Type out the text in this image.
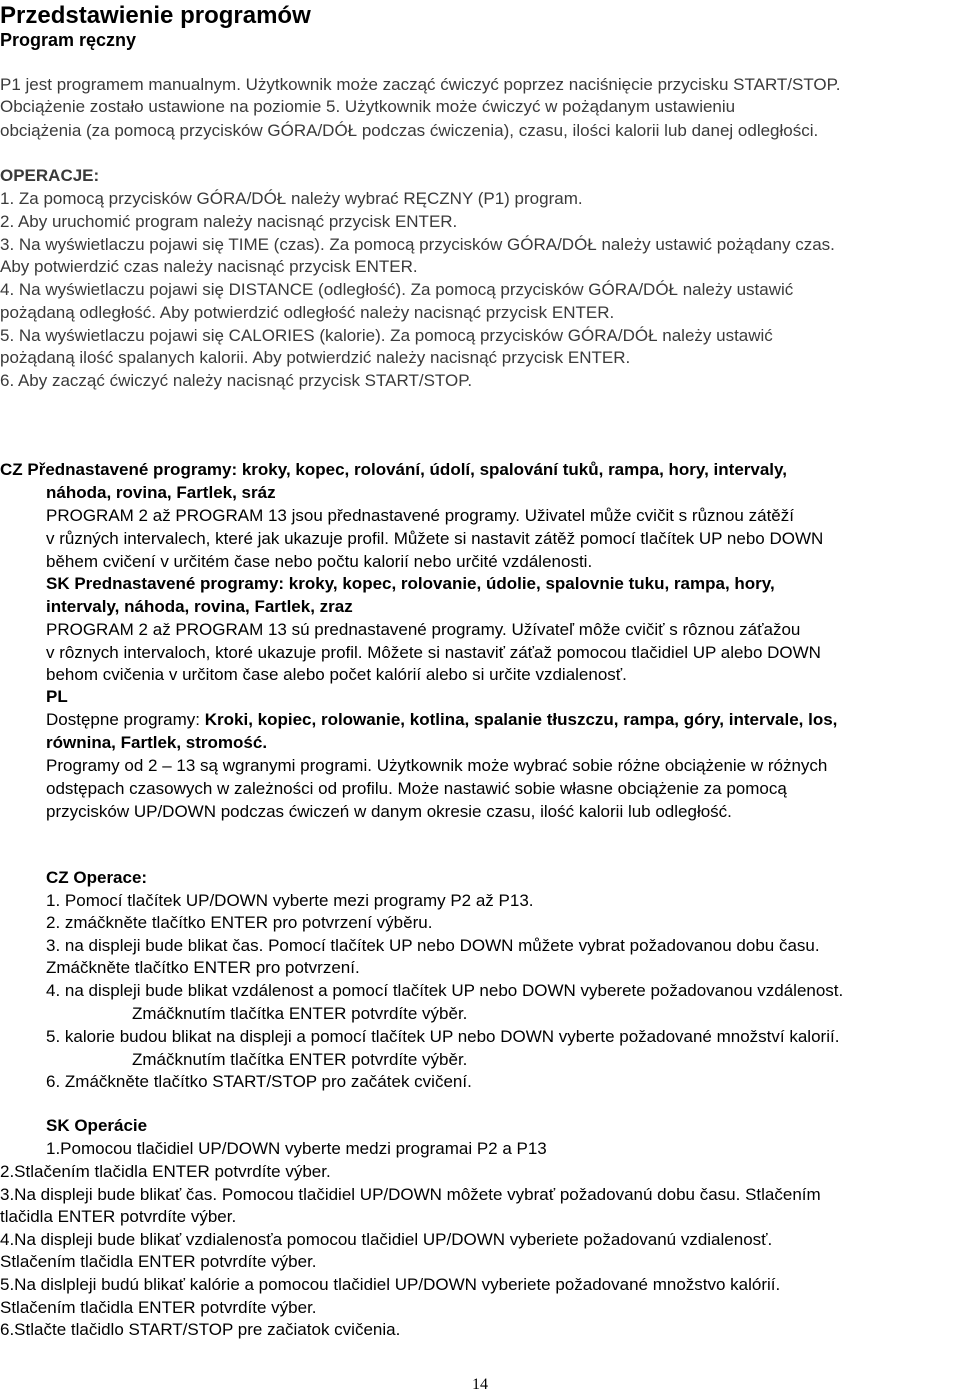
Przedstawienie programów
Program ręczny
P1 jest programem manualnym. Użytkownik może zacząć ćwiczyć poprzez naciśnięcie przycisku START/STOP.
Obciążenie zostało ustawione na poziomie 5. Użytkownik może ćwiczyć w pożądanym ustawieniu
obciążenia (za pomocą przycisków GÓRA/DÓŁ podczas ćwiczenia), czasu, ilości kalorii lub danej odległości.
OPERACJE:
1. Za pomocą przycisków GÓRA/DÓŁ należy wybrać RĘCZNY (P1) program.
2. Aby uruchomić program należy nacisnąć przycisk ENTER.
3. Na wyświetlaczu pojawi się TIME (czas). Za pomocą przycisków GÓRA/DÓŁ należy ustawić pożądany czas.
Aby potwierdzić czas należy nacisnąć przycisk ENTER.
4. Na wyświetlaczu pojawi się DISTANCE (odległość). Za pomocą przycisków GÓRA/DÓŁ należy ustawić
pożądaną odległość. Aby potwierdzić odległość należy nacisnąć przycisk ENTER.
5. Na wyświetlaczu pojawi się CALORIES (kalorie). Za pomocą przycisków GÓRA/DÓŁ należy ustawić
pożądaną ilość spalanych kalorii. Aby potwierdzić należy nacisnąć przycisk ENTER.
6. Aby zacząć ćwiczyć należy nacisnąć przycisk START/STOP.
CZ Přednastavené programy: kroky, kopec, rolování, údolí, spalování tuků, rampa, hory, intervaly,
náhoda, rovina, Fartlek, sráz
PROGRAM 2 až PROGRAM 13 jsou přednastavené programy. Uživatel může cvičit s různou zátěží
v různých intervalech, které jak ukazuje profil. Můžete si nastavit zátěž pomocí tlačítek UP nebo DOWN
během cvičení v určitém čase nebo počtu kalorií nebo určité vzdálenosti.
SK Prednastavené programy: kroky, kopec, rolovanie, údolie, spalovnie tuku, rampa, hory,
intervaly, náhoda, rovina, Fartlek, zraz
PROGRAM 2 až PROGRAM 13 sú prednastavené programy. Užívateľ môže cvičiť s rôznou záťažou
v rôznych intervaloch, ktoré ukazuje profil. Môžete si nastaviť záťaž pomocou tlačidiel UP alebo DOWN
behom cvičenia v určitom čase alebo počet kalórií alebo si určite vzdialenosť.
PL
Dostępne programy: Kroki, kopiec, rolowanie, kotlina, spalanie tłuszczu, rampa, góry, intervale, los,
równina, Fartlek, stromość.
Programy od 2 – 13 są wgranymi programi. Użytkownik może wybrać sobie różne obciążenie w różnych
odstępach czasowych w zależności od profilu. Może nastawić sobie własne obciążenie za pomocą
przycisków UP/DOWN podczas ćwiczeń w danym okresie czasu, ilość kalorii lub odległość.
CZ Operace:
1. Pomocí tlačítek UP/DOWN vyberte mezi programy P2 až P13.
2. zmáčkněte tlačítko ENTER pro potvrzení výběru.
3. na displeji bude blikat čas. Pomocí tlačítek UP nebo DOWN můžete vybrat požadovanou dobu času.
Zmáčkněte tlačítko ENTER pro potvrzení.
4. na displeji bude blikat vzdálenost a pomocí tlačítek UP nebo DOWN vyberete požadovanou vzdálenost.
Zmáčknutím tlačítka ENTER potvrdíte výběr.
5. kalorie budou blikat na displeji a pomocí tlačítek UP nebo DOWN vyberte požadované množství kalorií.
Zmáčknutím tlačítka ENTER potvrdíte výběr.
6. Zmáčkněte tlačítko START/STOP pro začátek cvičení.
SK Operácie
1.Pomocou tlačidiel UP/DOWN vyberte medzi programai P2 a P13
2.Stlačením tlačidla ENTER potvrdíte výber.
3.Na displeji bude blikať čas. Pomocou tlačidiel UP/DOWN môžete vybrať požadovanú dobu času. Stlačením
tlačidla ENTER potvrdíte výber.
4.Na displeji bude blikať vzdialenosťa pomocou tlačidiel UP/DOWN vyberiete požadovanú vzdialenosť.
Stlačením tlačidla ENTER potvrdíte výber.
5.Na dislpleji budú blikať kalórie a pomocou tlačidiel UP/DOWN vyberiete požadované množstvo kalórií.
Stlačením tlačidla ENTER potvrdíte výber.
6.Stlačte tlačidlo START/STOP pre začiatok cvičenia.
14
